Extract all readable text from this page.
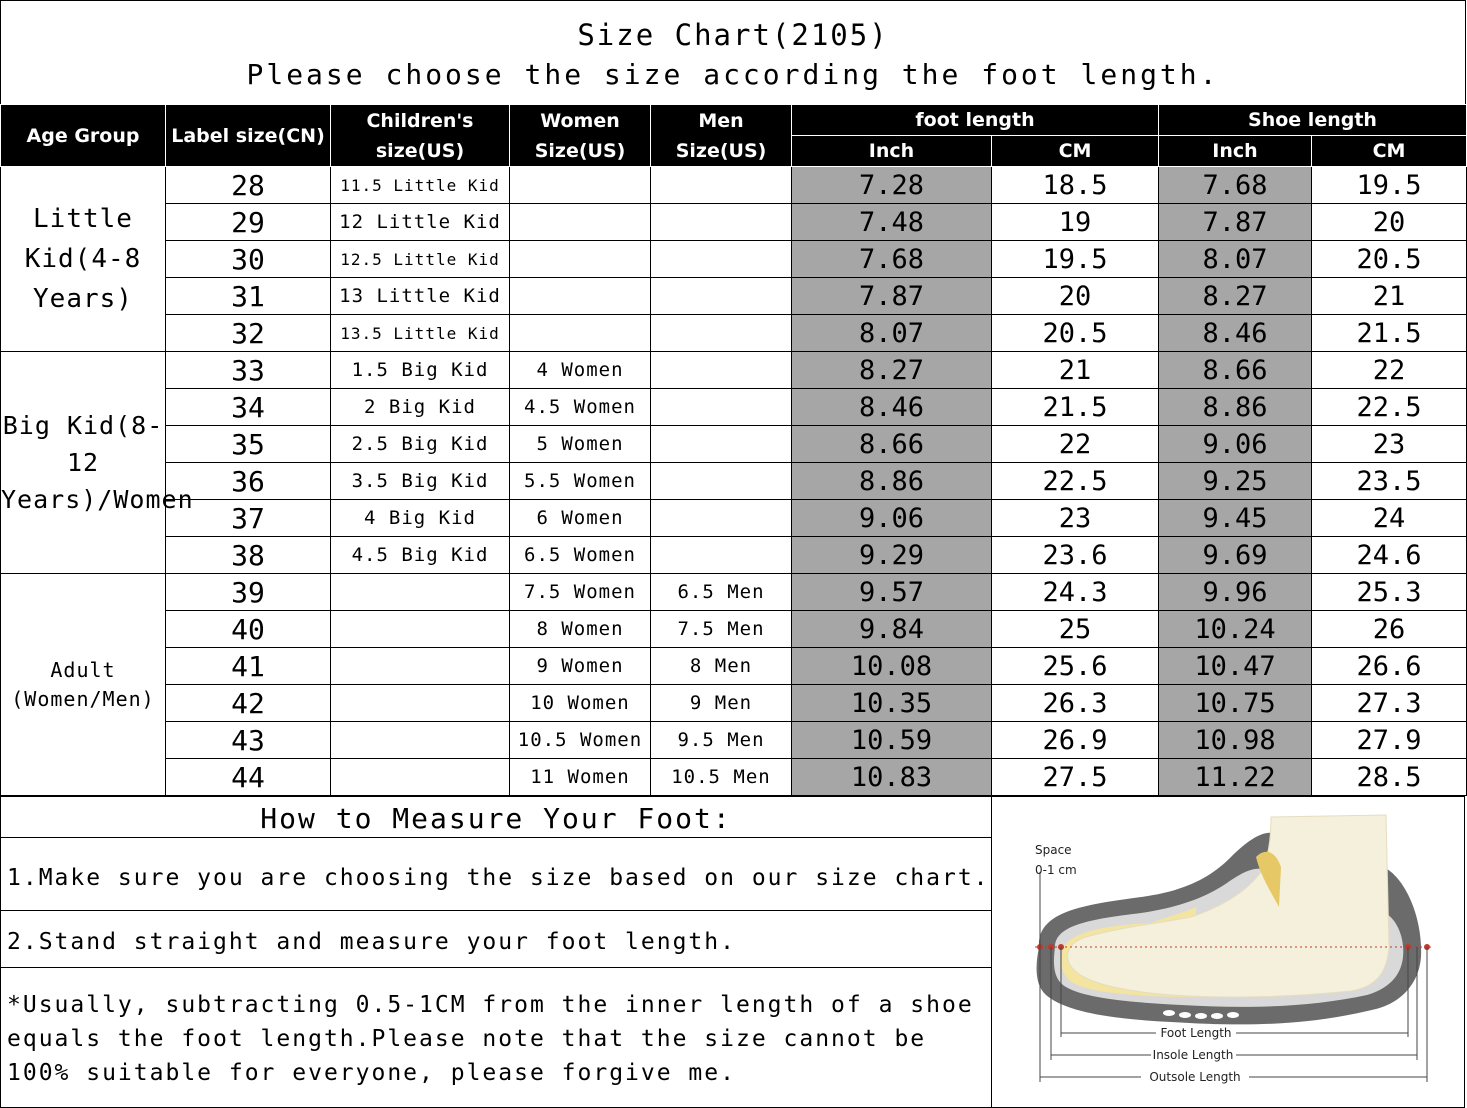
Size Chart(2105)
Please choose the size according the foot length.
Age Group	Label size(CN)	Children's size(US)	Women Size(US)	Men Size(US)	foot length		Shoe length	
					Inch	CM	Inch	CM
Little Kid(4-8 Years)	28	11.5 Little Kid			7.28	18.5	7.68	19.5
	29	12 Little Kid			7.48	19	7.87	20
	30	12.5 Little Kid			7.68	19.5	8.07	20.5
	31	13 Little Kid			7.87	20	8.27	21
	32	13.5 Little Kid			8.07	20.5	8.46	21.5
Big Kid(8-12 Years)/Women	33	1.5 Big Kid	4 Women		8.27	21	8.66	22
	34	2 Big Kid	4.5 Women		8.46	21.5	8.86	22.5
	35	2.5 Big Kid	5 Women		8.66	22	9.06	23
	36	3.5 Big Kid	5.5 Women		8.86	22.5	9.25	23.5
	37	4 Big Kid	6 Women		9.06	23	9.45	24
	38	4.5 Big Kid	6.5 Women		9.29	23.6	9.69	24.6
Adult (Women/Men)	39		7.5 Women	6.5 Men	9.57	24.3	9.96	25.3
	40		8 Women	7.5 Men	9.84	25	10.24	26
	41		9 Women	8 Men	10.08	25.6	10.47	26.6
	42		10 Women	9 Men	10.35	26.3	10.75	27.3
	43		10.5 Women	9.5 Men	10.59	26.9	10.98	27.9
	44		11 Women	10.5 Men	10.83	27.5	11.22	28.5
How to Measure Your Foot:
1.Make sure you are choosing the size based on our size chart.
2.Stand straight and measure your foot length.
*Usually, subtracting 0.5-1CM from the inner length of a shoe equals the foot length.Please note that the size cannot be 100% suitable for everyone, please forgive me.
Space
0-1 cm
Foot Length
Insole Length
Outsole Length
